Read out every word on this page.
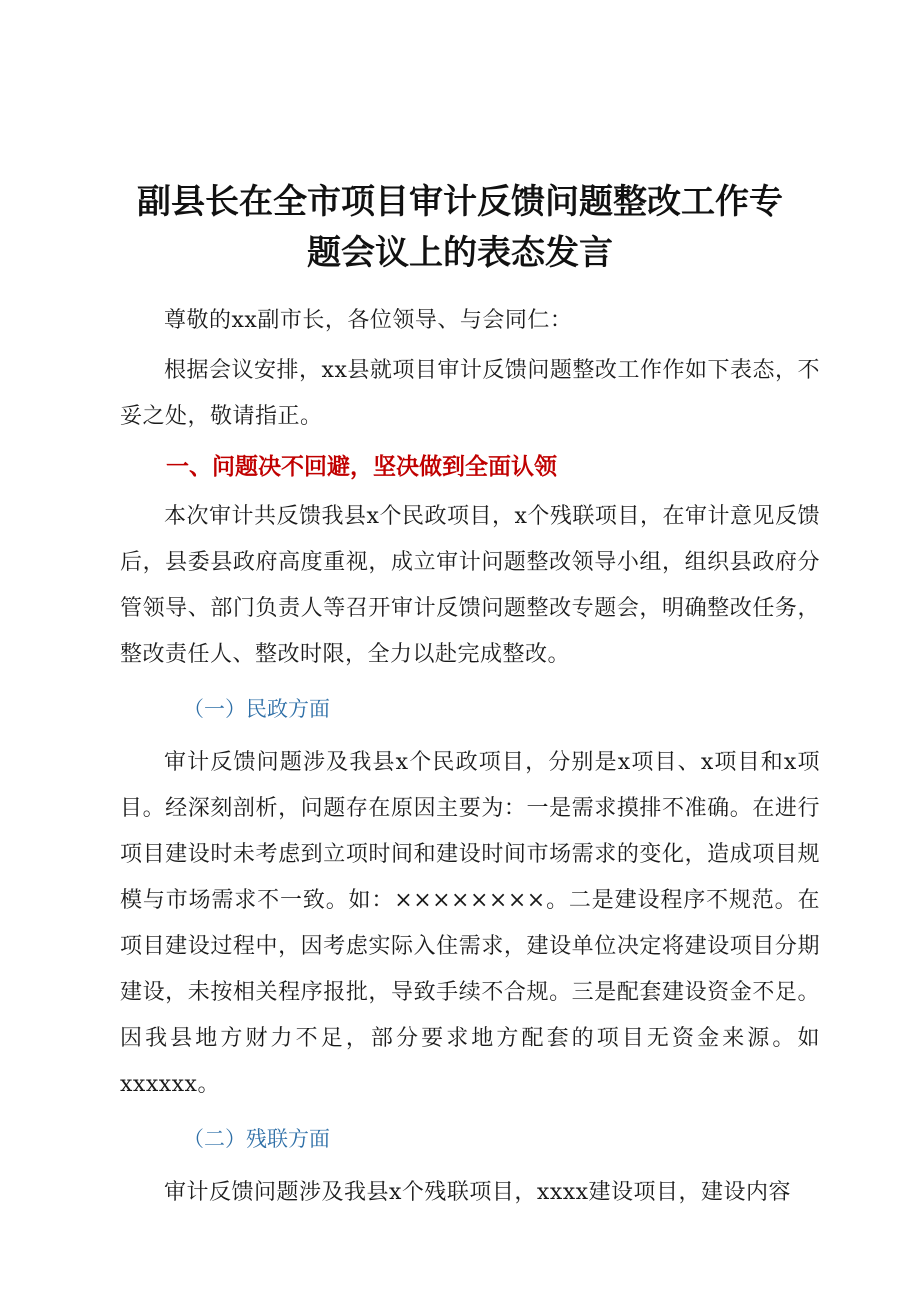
副县长在全市项目审计反馈问题整改工作专
题会议上的表态发言

尊敬的xx副市长，各位领导、与会同仁：

根据会议安排，xx县就项目审计反馈问题整改工作作如下表态，不妥之处，敬请指正。

一、问题决不回避，坚决做到全面认领

本次审计共反馈我县x个民政项目，x个残联项目，在审计意见反馈后，县委县政府高度重视，成立审计问题整改领导小组，组织县政府分管领导、部门负责人等召开审计反馈问题整改专题会，明确整改任务，整改责任人、整改时限，全力以赴完成整改。

（一）民政方面

审计反馈问题涉及我县x个民政项目，分别是x项目、x项目和x项目。经深刻剖析，问题存在原因主要为：一是需求摸排不准确。在进行项目建设时未考虑到立项时间和建设时间市场需求的变化，造成项目规模与市场需求不一致。如：××××××××。二是建设程序不规范。在项目建设过程中，因考虑实际入住需求，建设单位决定将建设项目分期建设，未按相关程序报批，导致手续不合规。三是配套建设资金不足。因我县地方财力不足，部分要求地方配套的项目无资金来源。如xxxxxx。

（二）残联方面

审计反馈问题涉及我县x个残联项目，xxxx建设项目，建设内容
